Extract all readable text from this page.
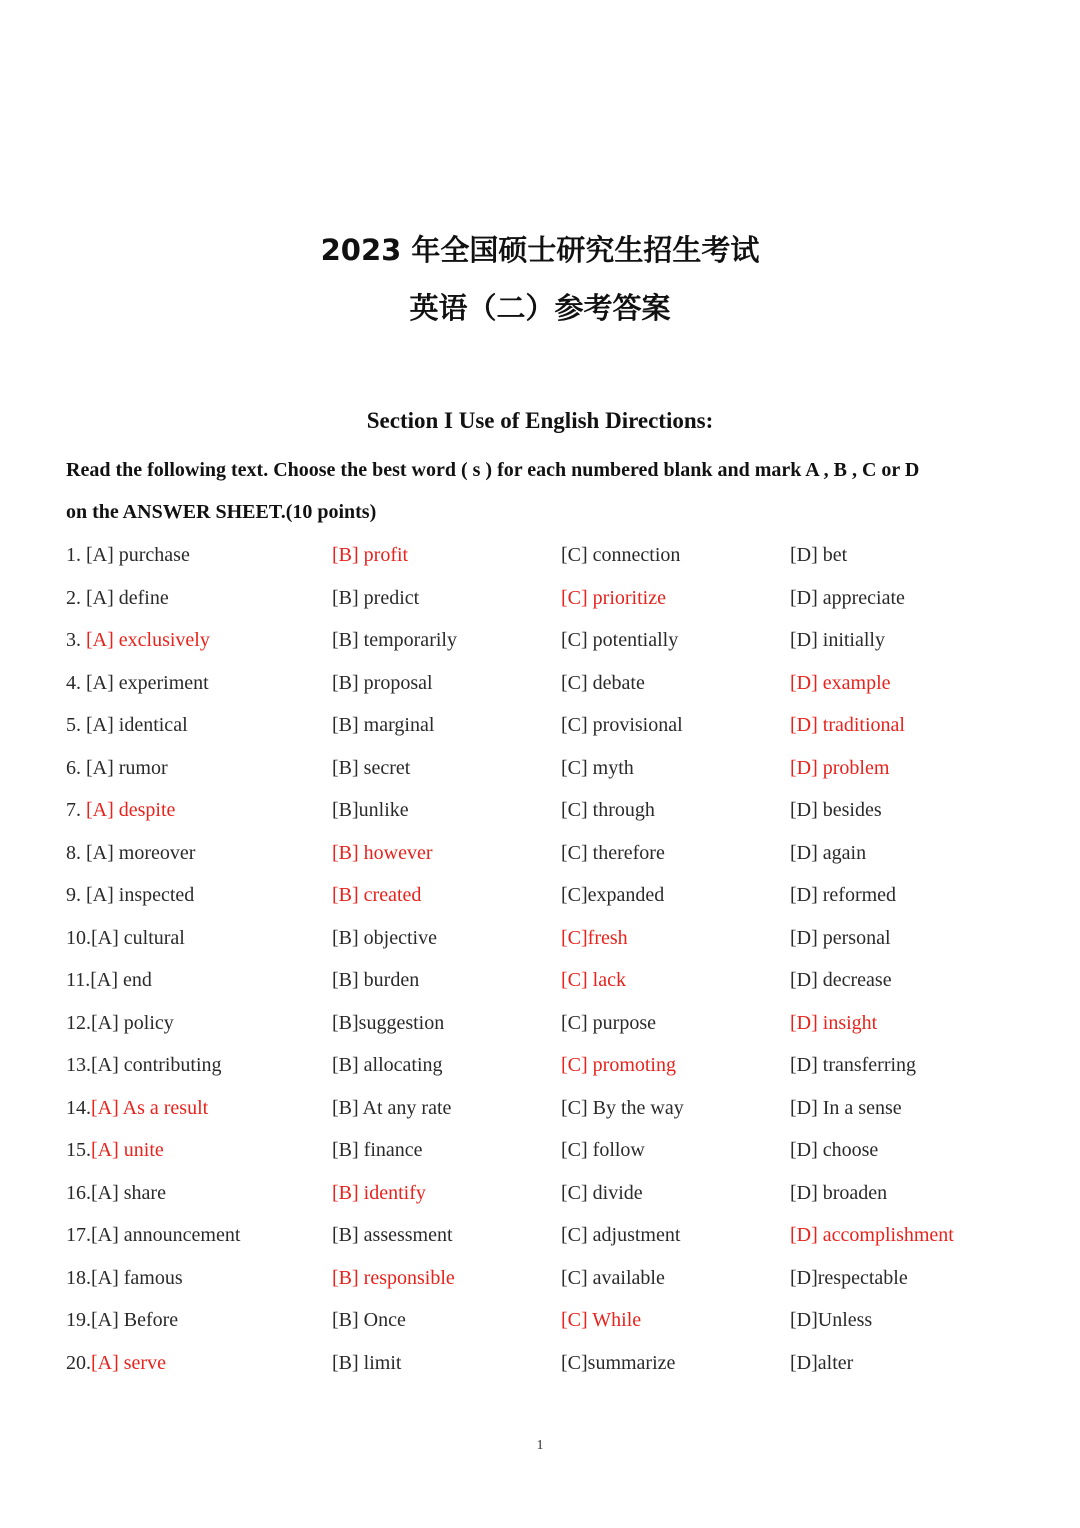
2023 年全国硕士研究生招生考试
英语（二）参考答案
Section I Use of English Directions:
Read the following text. Choose the best word ( s ) for each numbered blank and mark A , B , C or D
on the ANSWER SHEET.(10 points)
1. [A] purchase	[B] profit	[C] connection	[D] bet
2. [A] define	[B] predict	[C] prioritize	[D] appreciate
3. [A] exclusively	[B] temporarily	[C] potentially	[D] initially
4. [A] experiment	[B] proposal	[C] debate	[D] example
5. [A] identical	[B] marginal	[C] provisional	[D] traditional
6. [A] rumor	[B] secret	[C] myth	[D] problem
7. [A] despite	[B]unlike	[C] through	[D] besides
8. [A] moreover	[B] however	[C] therefore	[D] again
9. [A] inspected	[B] created	[C]expanded	[D] reformed
10.[A] cultural	[B] objective	[C]fresh	[D] personal
11.[A] end	[B] burden	[C] lack	[D] decrease
12.[A] policy	[B]suggestion	[C] purpose	[D] insight
13.[A] contributing	[B] allocating	[C] promoting	[D] transferring
14.[A] As a result	[B] At any rate	[C] By the way	[D] In a sense
15.[A] unite	[B] finance	[C] follow	[D] choose
16.[A] share	[B] identify	[C] divide	[D] broaden
17.[A] announcement	[B] assessment	[C] adjustment	[D] accomplishment
18.[A] famous	[B] responsible	[C] available	[D]respectable
19.[A] Before	[B] Once	[C] While	[D]Unless
20.[A] serve	[B] limit	[C]summarize	[D]alter
1
